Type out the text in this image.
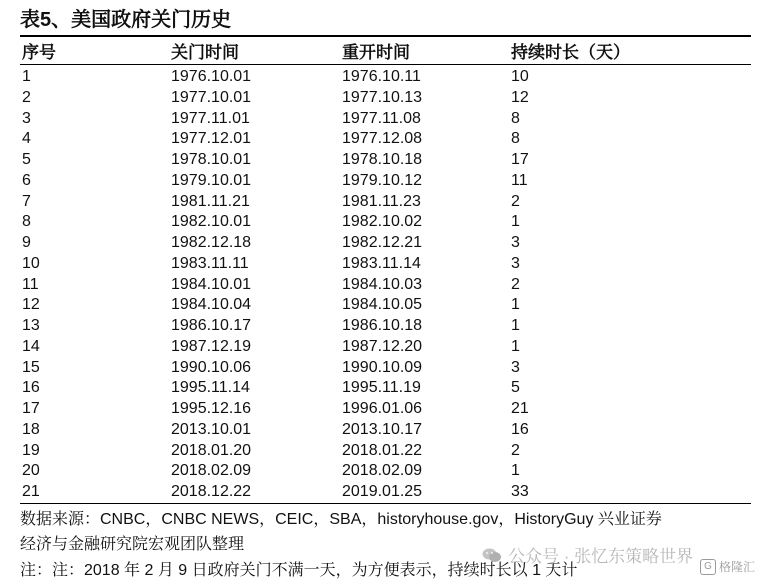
表5、美国政府关门历史
序号	关门时间	重开时间	持续时长（天）
1	1976.10.01	1976.10.11	10
2	1977.10.01	1977.10.13	12
3	1977.11.01	1977.11.08	8
4	1977.12.01	1977.12.08	8
5	1978.10.01	1978.10.18	17
6	1979.10.01	1979.10.12	11
7	1981.11.21	1981.11.23	2
8	1982.10.01	1982.10.02	1
9	1982.12.18	1982.12.21	3
10	1983.11.11	1983.11.14	3
11	1984.10.01	1984.10.03	2
12	1984.10.04	1984.10.05	1
13	1986.10.17	1986.10.18	1
14	1987.12.19	1987.12.20	1
15	1990.10.06	1990.10.09	3
16	1995.11.14	1995.11.19	5
17	1995.12.16	1996.01.06	21
18	2013.10.01	2013.10.17	16
19	2018.01.20	2018.01.22	2
20	2018.02.09	2018.02.09	1
21	2018.12.22	2019.01.25	33
数据来源：CNBC，CNBC NEWS，CEIC，SBA，historyhouse.gov，HistoryGuy 兴业证券
经济与金融研究院宏观团队整理
注：注：2018 年 2 月 9 日政府关门不满一天，为方便表示，持续时长以 1 天计
公众号 · 张忆东策略世界	G 格隆汇
